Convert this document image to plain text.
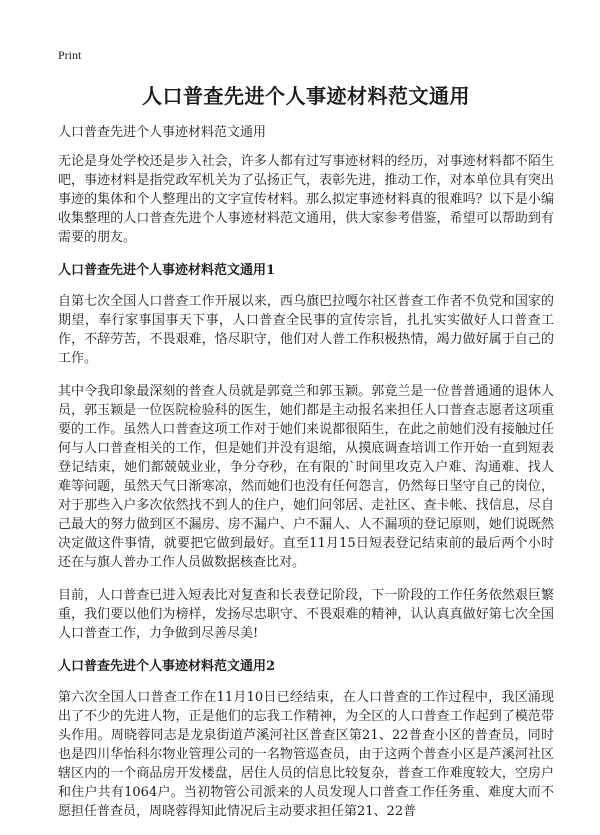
Print
人口普查先进个人事迹材料范文通用

人口普查先进个人事迹材料范文通用

无论是身处学校还是步入社会，许多人都有过写事迹材料的经历，对事迹材料都不陌生吧，事迹材料是指党政军机关为了弘扬正气，表彰先进，推动工作，对本单位具有突出事迹的集体和个人整理出的文字宣传材料。那么拟定事迹材料真的很难吗？以下是小编收集整理的人口普查先进个人事迹材料范文通用，供大家参考借鉴，希望可以帮助到有需要的朋友。

人口普查先进个人事迹材料范文通用1

自第七次全国人口普查工作开展以来，西乌旗巴拉嘎尔社区普查工作者不负党和国家的期望，奉行家事国事天下事，人口普查全民事的宣传宗旨，扎扎实实做好人口普查工作，不辞劳苦，不畏艰难，恪尽职守，他们对人普工作积极热情，竭力做好属于自己的工作。

其中令我印象最深刻的普查人员就是郭竟兰和郭玉颖。郭竟兰是一位普普通通的退休人员，郭玉颖是一位医院检验科的医生，她们都是主动报名来担任人口普查志愿者这项重要的工作。虽然人口普查这项工作对于她们来说都很陌生，在此之前她们没有接触过任何与人口普查相关的工作，但是她们并没有退缩，从摸底调查培训工作开始一直到短表登记结束，她们都兢兢业业，争分夺秒，在有限的`时间里攻克入户难、沟通难、找人难等问题，虽然天气日渐寒凉，然而她们也没有任何怨言，仍然每日坚守自己的岗位，对于那些入户多次依然找不到人的住户，她们问邻居、走社区、查卡帐、找信息，尽自己最大的努力做到区不漏房、房不漏户、户不漏人、人不漏项的登记原则，她们说既然决定做这件事情，就要把它做到最好。直至11月15日短表登记结束前的最后两个小时还在与旗人普办工作人员做数据核查比对。

目前，人口普查已进入短表比对复查和长表登记阶段，下一阶段的工作任务依然艰巨繁重，我们要以他们为榜样，发扬尽忠职守、不畏艰难的精神，认认真真做好第七次全国人口普查工作，力争做到尽善尽美!

人口普查先进个人事迹材料范文通用2

第六次全国人口普查工作在11月10日已经结束，在人口普查的工作过程中，我区涌现出了不少的先进人物，正是他们的忘我工作精神，为全区的人口普查工作起到了模范带头作用。周晓蓉同志是龙泉街道芦溪河社区普查区第21、22普查小区的普查员，同时也是四川华怡科尔物业管理公司的一名物管巡查员，由于这两个普查小区是芦溪河社区辖区内的一个商品房开发楼盘，居住人员的信息比较复杂，普查工作难度较大，空房户和住户共有1064户。当初物管公司派来的人员发现人口普查工作任务重、难度大而不愿担任普查员，周晓蓉得知此情况后主动要求担任第21、22普
